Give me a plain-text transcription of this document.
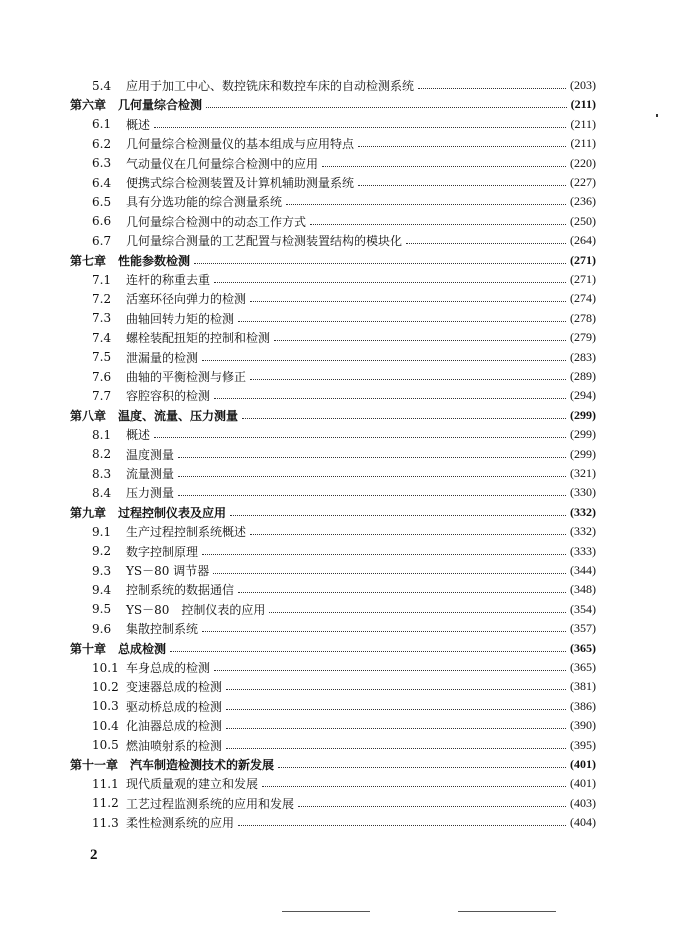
5.4	应用于加工中心、数控铣床和数控车床的自动检测系统	(203)
第六章 几何量综合检测	(211)
6.1	概述	(211)
6.2	几何量综合检测量仪的基本组成与应用特点	(211)
6.3	气动量仪在几何量综合检测中的应用	(220)
6.4	便携式综合检测装置及计算机辅助测量系统	(227)
6.5	具有分选功能的综合测量系统	(236)
6.6	几何量综合检测中的动态工作方式	(250)
6.7	几何量综合测量的工艺配置与检测装置结构的模块化	(264)
第七章 性能参数检测	(271)
7.1	连杆的称重去重	(271)
7.2	活塞环径向弹力的检测	(274)
7.3	曲轴回转力矩的检测	(278)
7.4	螺栓装配扭矩的控制和检测	(279)
7.5	泄漏量的检测	(283)
7.6	曲轴的平衡检测与修正	(289)
7.7	容腔容积的检测	(294)
第八章 温度、流量、压力测量	(299)
8.1	概述	(299)
8.2	温度测量	(299)
8.3	流量测量	(321)
8.4	压力测量	(330)
第九章 过程控制仪表及应用	(332)
9.1	生产过程控制系统概述	(332)
9.2	数字控制原理	(333)
9.3	YS－80 调节器	(344)
9.4	控制系统的数据通信	(348)
9.5	YS－80　控制仪表的应用	(354)
9.6	集散控制系统	(357)
第十章 总成检测	(365)
10.1 车身总成的检测	(365)
10.2 变速器总成的检测	(381)
10.3 驱动桥总成的检测	(386)
10.4 化油器总成的检测	(390)
10.5 燃油喷射系的检测	(395)
第十一章 汽车制造检测技术的新发展	(401)
11.1 现代质量观的建立和发展	(401)
11.2 工艺过程监测系统的应用和发展	(403)
11.3 柔性检测系统的应用	(404)
2
